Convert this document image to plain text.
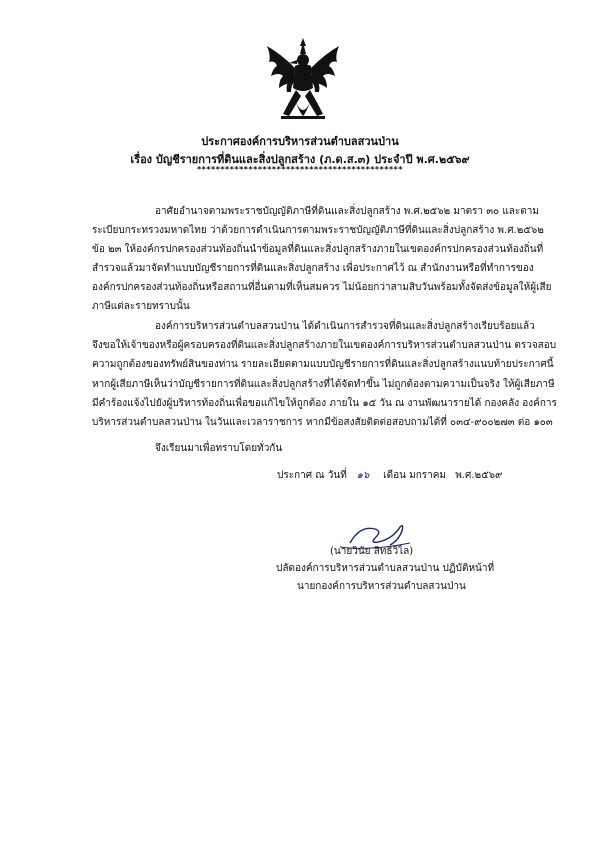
ประกาศองค์การบริหารส่วนตำบลสวนป่าน
เรื่อง บัญชีรายการที่ดินและสิ่งปลูกสร้าง (ภ.ด.ส.๓) ประจำปี พ.ศ.๒๕๖๙
********************************************
อาศัยอำนาจตามพระราชบัญญัติภาษีที่ดินและสิ่งปลูกสร้าง พ.ศ.๒๕๖๒ มาตรา ๓๐ และตาม
ระเบียบกระทรวงมหาดไทย ว่าด้วยการดำเนินการตามพระราชบัญญัติภาษีที่ดินและสิ่งปลูกสร้าง พ.ศ.๒๕๖๒
ข้อ ๒๓ ให้องค์กรปกครองส่วนท้องถิ่นนำข้อมูลที่ดินและสิ่งปลูกสร้างภายในเขตองค์กรปกครองส่วนท้องถิ่นที่
สำรวจแล้วมาจัดทำแบบบัญชีรายการที่ดินและสิ่งปลูกสร้าง เพื่อประกาศไว้ ณ สำนักงานหรือที่ทำการของ
องค์กรปกครองส่วนท้องถิ่นหรือสถานที่อื่นตามที่เห็นสมควร ไม่น้อยกว่าสามสิบวันพร้อมทั้งจัดส่งข้อมูลให้ผู้เสีย
ภาษีแต่ละรายทราบนั้น
องค์การบริหารส่วนตำบลสวนป่าน ได้ดำเนินการสำรวจที่ดินและสิ่งปลูกสร้างเรียบร้อยแล้ว
จึงขอให้เจ้าของหรือผู้ครอบครองที่ดินและสิ่งปลูกสร้างภายในเขตองค์การบริหารส่วนตำบลสวนป่าน ตรวจสอบ
ความถูกต้องของทรัพย์สินของท่าน รายละเอียดตามแบบบัญชีรายการที่ดินและสิ่งปลูกสร้างแนบท้ายประกาศนี้
หากผู้เสียภาษีเห็นว่าบัญชีรายการที่ดินและสิ่งปลูกสร้างที่ได้จัดทำขึ้น ไม่ถูกต้องตามความเป็นจริง ให้ผู้เสียภาษี
มีคำร้องแจ้งไปยังผู้บริหารท้องถิ่นเพื่อขอแก้ไขให้ถูกต้อง ภายใน ๑๕ วัน ณ งานพัฒนารายได้ กองคลัง องค์การ
บริหารส่วนตำบลสวนป่าน ในวันและเวลาราชการ หากมีข้อสงสัยติดต่อสอบถามได้ที่ ๐๓๔-๙๐๐๒๗๓ ต่อ ๑๐๓
จึงเรียนมาเพื่อทราบโดยทั่วกัน
ประกาศ ณ วันที่ ๑๖ เดือน มกราคม พ.ศ.๒๕๖๙
(นายวินัย สิทธิวิไล)
ปลัดองค์การบริหารส่วนตำบลสวนป่าน ปฏิบัติหน้าที่
นายกองค์การบริหารส่วนตำบลสวนป่าน
